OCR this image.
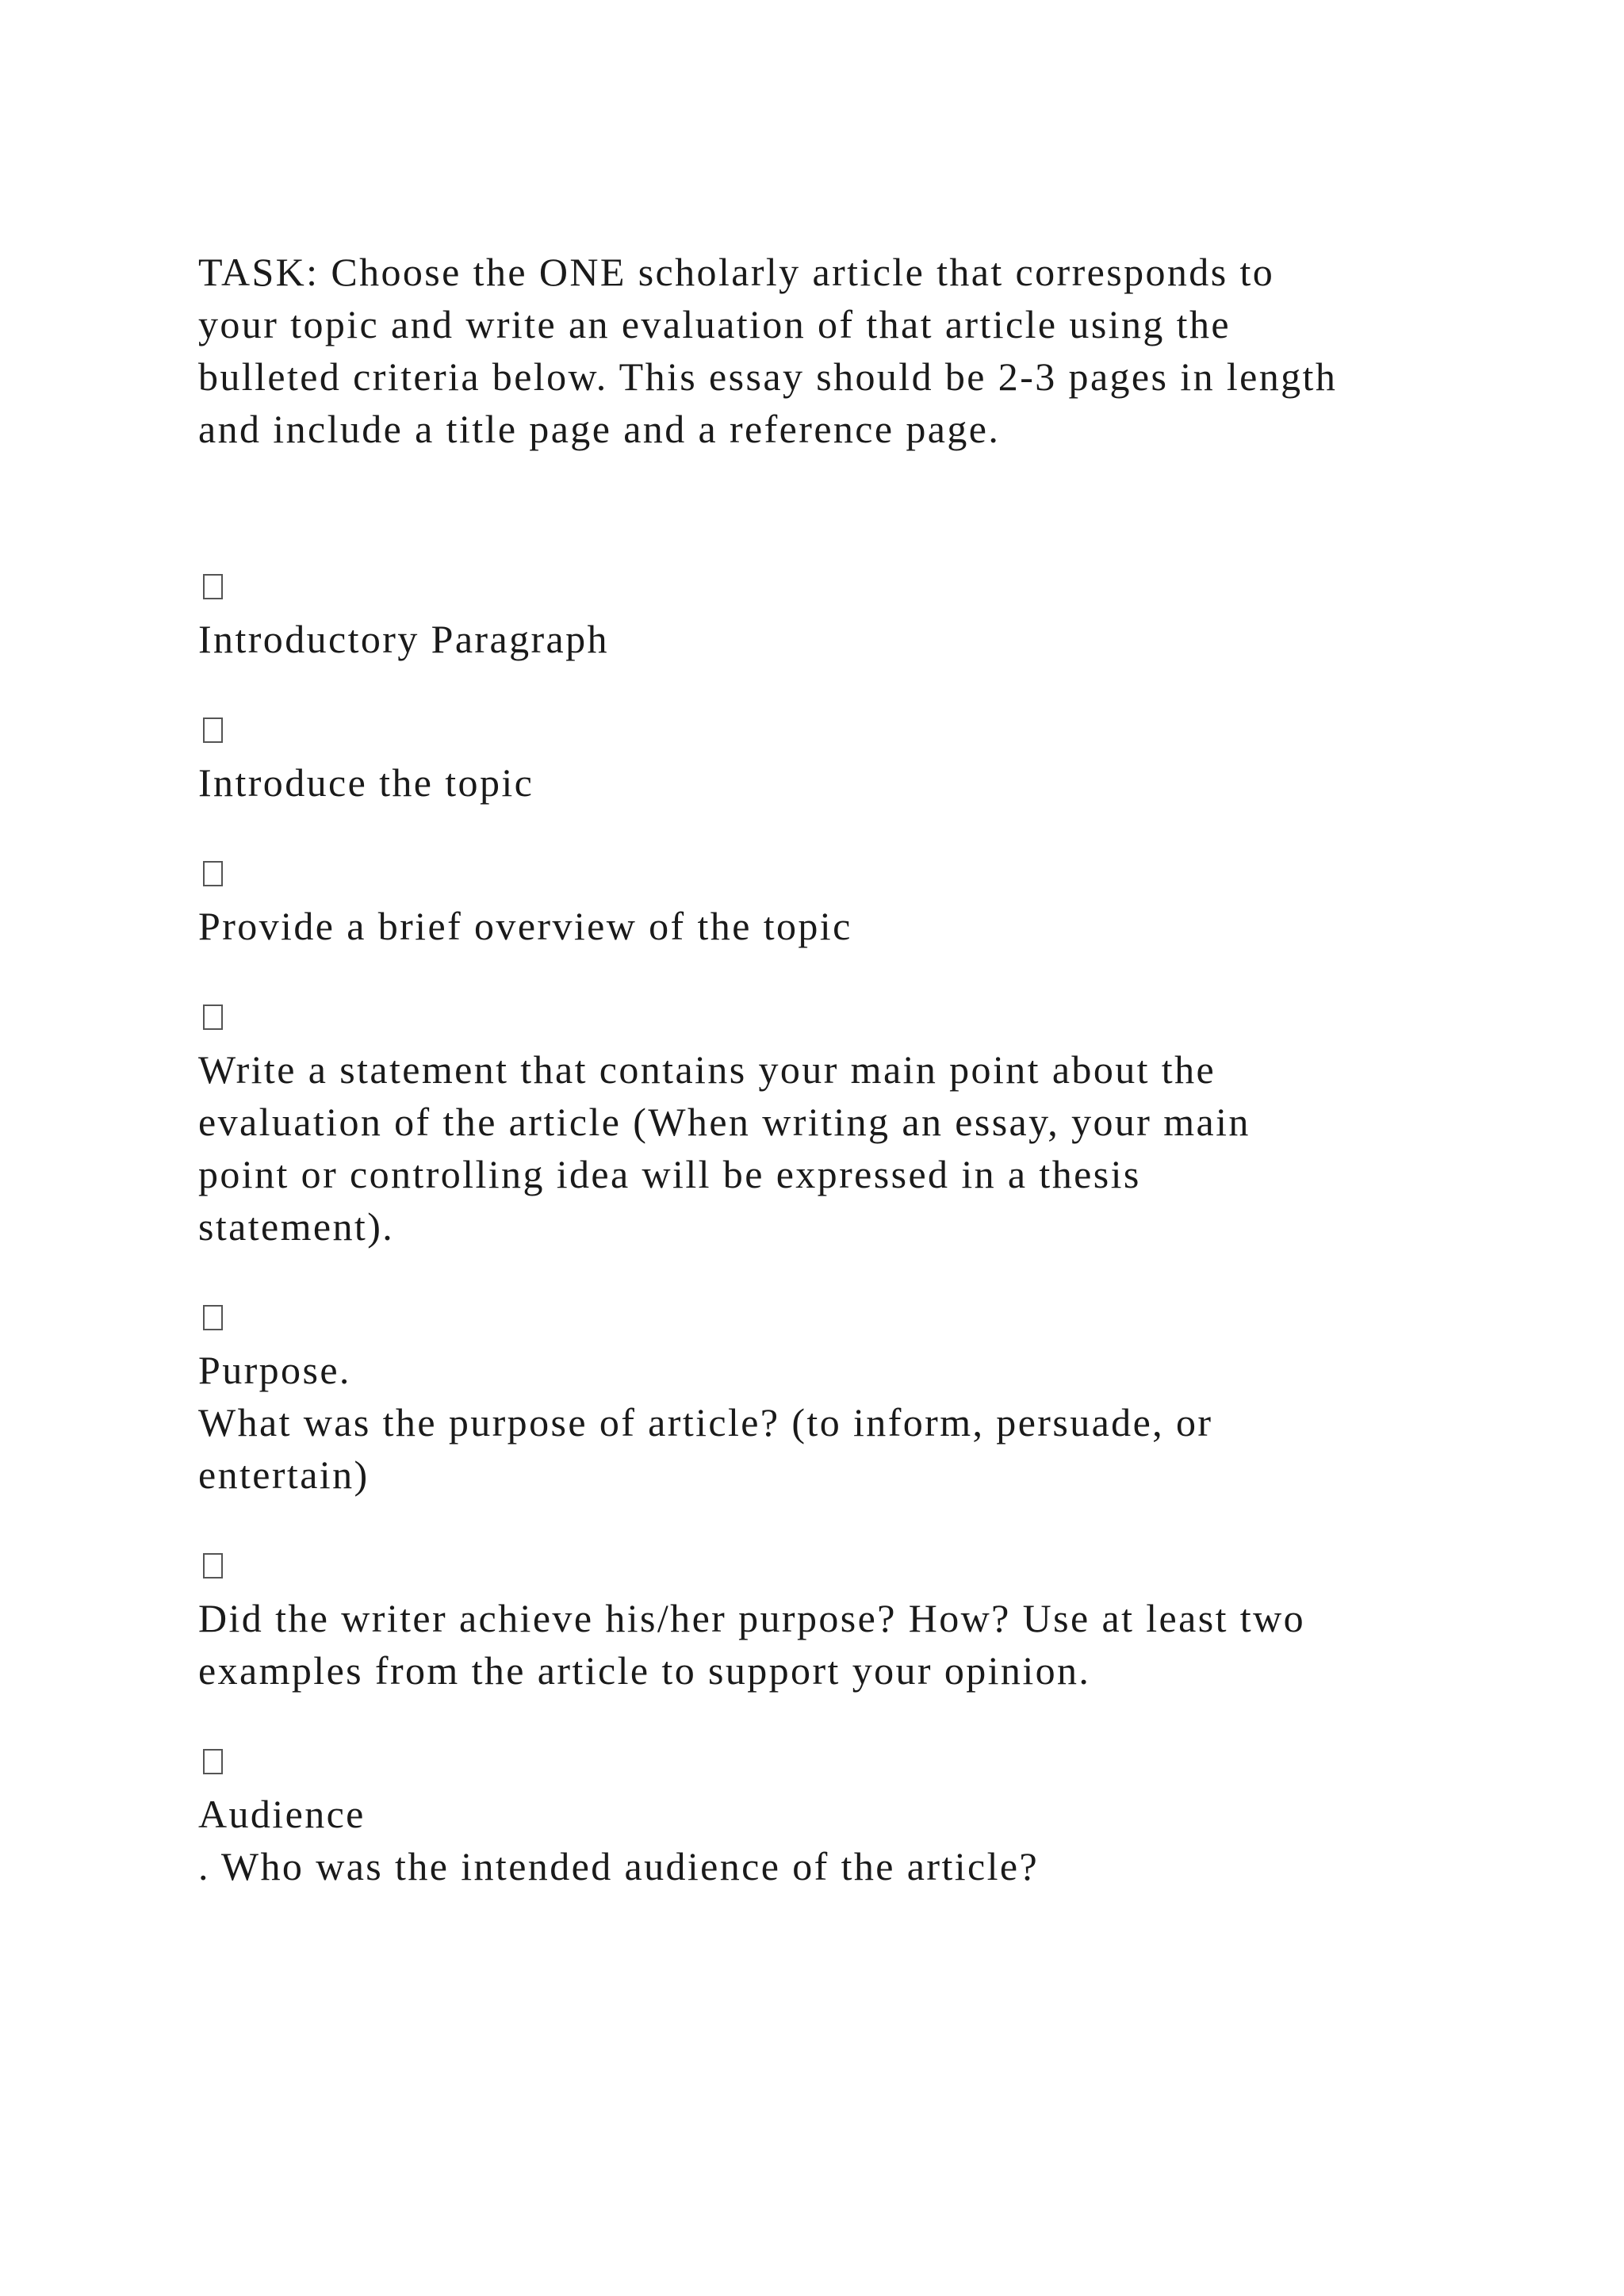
TASK: Choose the ONE scholarly article that corresponds to
your topic and write an evaluation of that article using the
bulleted criteria below. This essay should be 2-3 pages in length
and include a title page and a reference page.

Introductory Paragraph

Introduce the topic

Provide a brief overview of the topic

Write a statement that contains your main point about the
evaluation of the article (When writing an essay, your main
point or controlling idea will be expressed in a thesis
statement).

Purpose.
What was the purpose of article? (to inform, persuade, or
entertain)

Did the writer achieve his/her purpose? How? Use at least two
examples from the article to support your opinion.

Audience
. Who was the intended audience of the article?
